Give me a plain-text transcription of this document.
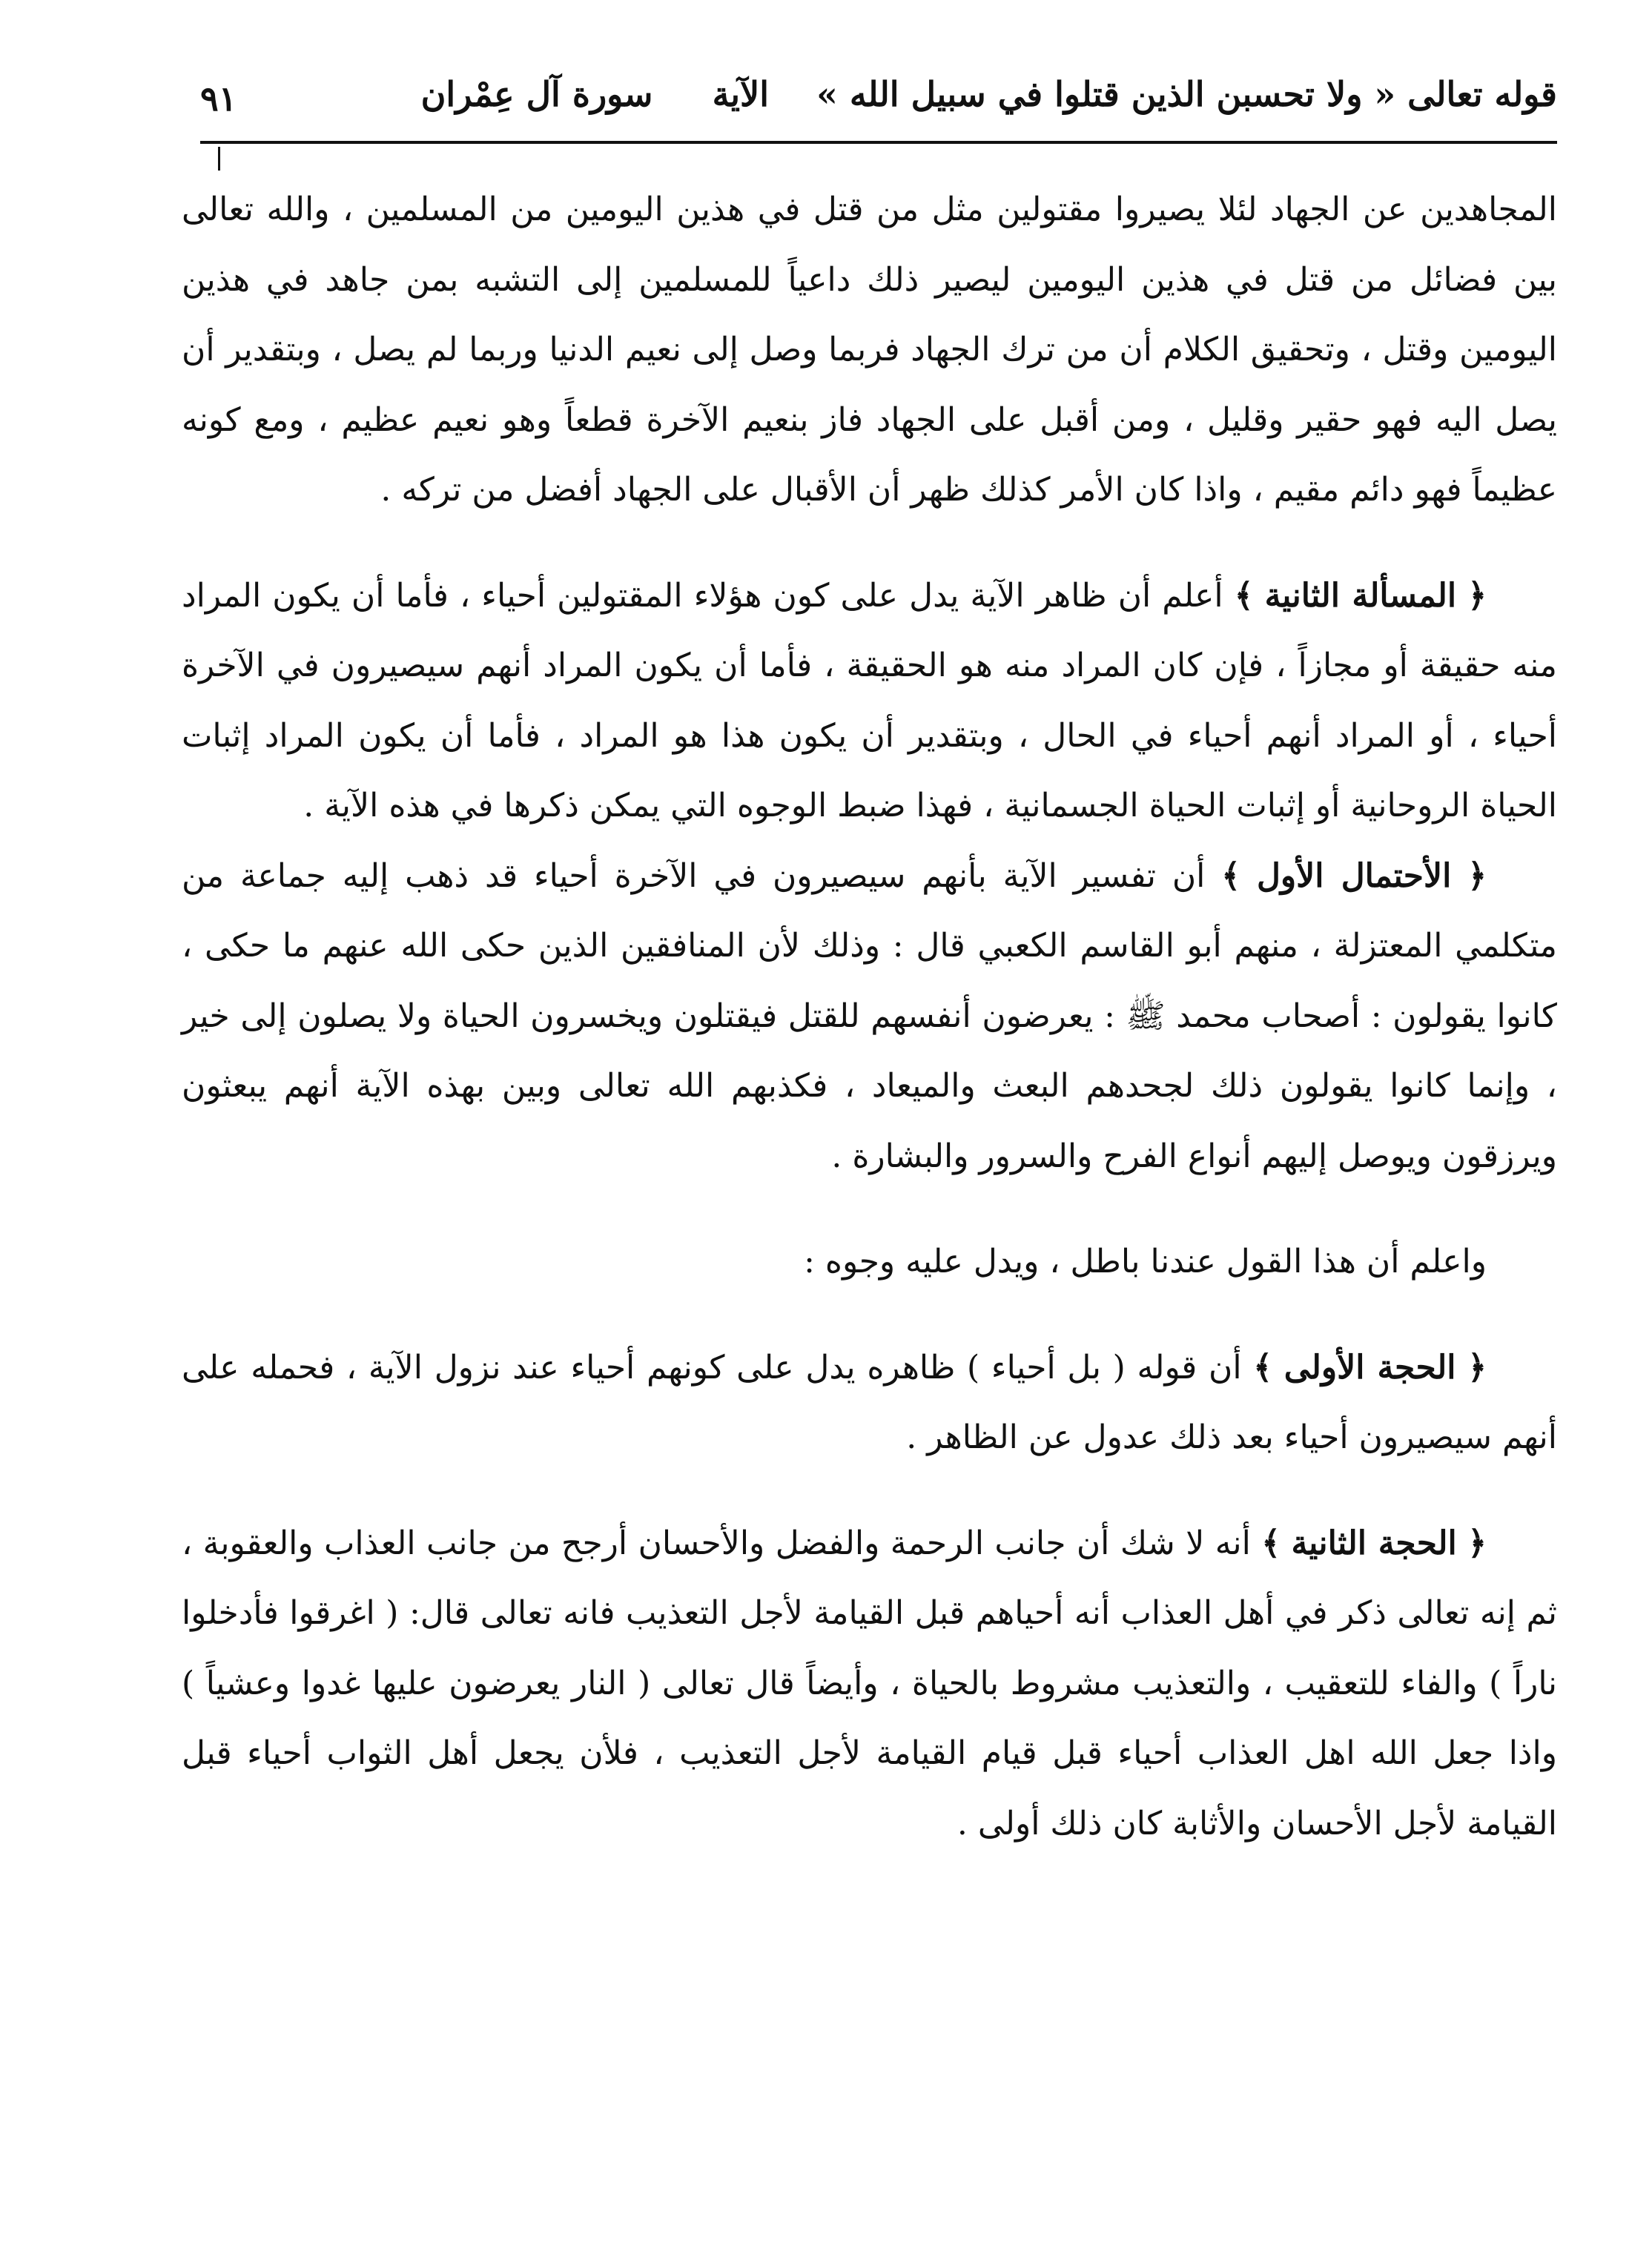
٩١	قوله تعالى « ولا تحسبن الذين قتلوا في سبيل الله »    الآية     سورة آل عِمْران

المجاهدين عن الجهاد لئلا يصيروا مقتولين مثل من قتل في هذين اليومين من المسلمين ، والله تعالى بين فضائل من قتل في هذين اليومين ليصير ذلك داعياً للمسلمين إلى التشبه بمن جاهد في هذين اليومين وقتل ، وتحقيق الكلام أن من ترك الجهاد فربما وصل إلى نعيم الدنيا وربما لم يصل ، وبتقدير أن يصل اليه فهو حقير وقليل ، ومن أقبل على الجهاد فاز بنعيم الآخرة قطعاً وهو نعيم عظيم ، ومع كونه عظيماً فهو دائم مقيم ، واذا كان الأمر كذلك ظهر أن الأقبال على الجهاد أفضل من تركه .

﴿ المسألة الثانية ﴾ أعلم أن ظاهر الآية يدل على كون هؤلاء المقتولين أحياء ، فأما أن يكون المراد منه حقيقة أو مجازاً ، فإن كان المراد منه هو الحقيقة ، فأما أن يكون المراد أنهم سيصيرون في الآخرة أحياء ، أو المراد أنهم أحياء في الحال ، وبتقدير أن يكون هذا هو المراد ، فأما أن يكون المراد إثبات الحياة الروحانية أو إثبات الحياة الجسمانية ، فهذا ضبط الوجوه التي يمكن ذكرها في هذه الآية .

﴿ الأحتمال الأول ﴾ أن تفسير الآية بأنهم سيصيرون في الآخرة أحياء قد ذهب إليه جماعة من متكلمي المعتزلة ، منهم أبو القاسم الكعبي قال : وذلك لأن المنافقين الذين حكى الله عنهم ما حكى ، كانوا يقولون : أصحاب محمد ﷺ : يعرضون أنفسهم للقتل فيقتلون ويخسرون الحياة ولا يصلون إلى خير ، وإنما كانوا يقولون ذلك لجحدهم البعث والميعاد ، فكذبهم الله تعالى وبين بهذه الآية أنهم يبعثون ويرزقون ويوصل إليهم أنواع الفرح والسرور والبشارة .

واعلم أن هذا القول عندنا باطل ، ويدل عليه وجوه :

﴿ الحجة الأولى ﴾ أن قوله ( بل أحياء ) ظاهره يدل على كونهم أحياء عند نزول الآية ، فحمله على أنهم سيصيرون أحياء بعد ذلك عدول عن الظاهر .

﴿ الحجة الثانية ﴾ أنه لا شك أن جانب الرحمة والفضل والأحسان أرجح من جانب العذاب والعقوبة ، ثم إنه تعالى ذكر في أهل العذاب أنه أحياهم قبل القيامة لأجل التعذيب فانه تعالى قال: ( اغرقوا فأدخلوا ناراً ) والفاء للتعقيب ، والتعذيب مشروط بالحياة ، وأيضاً قال تعالى ( النار يعرضون عليها غدوا وعشياً ) واذا جعل الله اهل العذاب أحياء قبل قيام القيامة لأجل التعذيب ، فلأن يجعل أهل الثواب أحياء قبل القيامة لأجل الأحسان والأثابة كان ذلك أولى .
